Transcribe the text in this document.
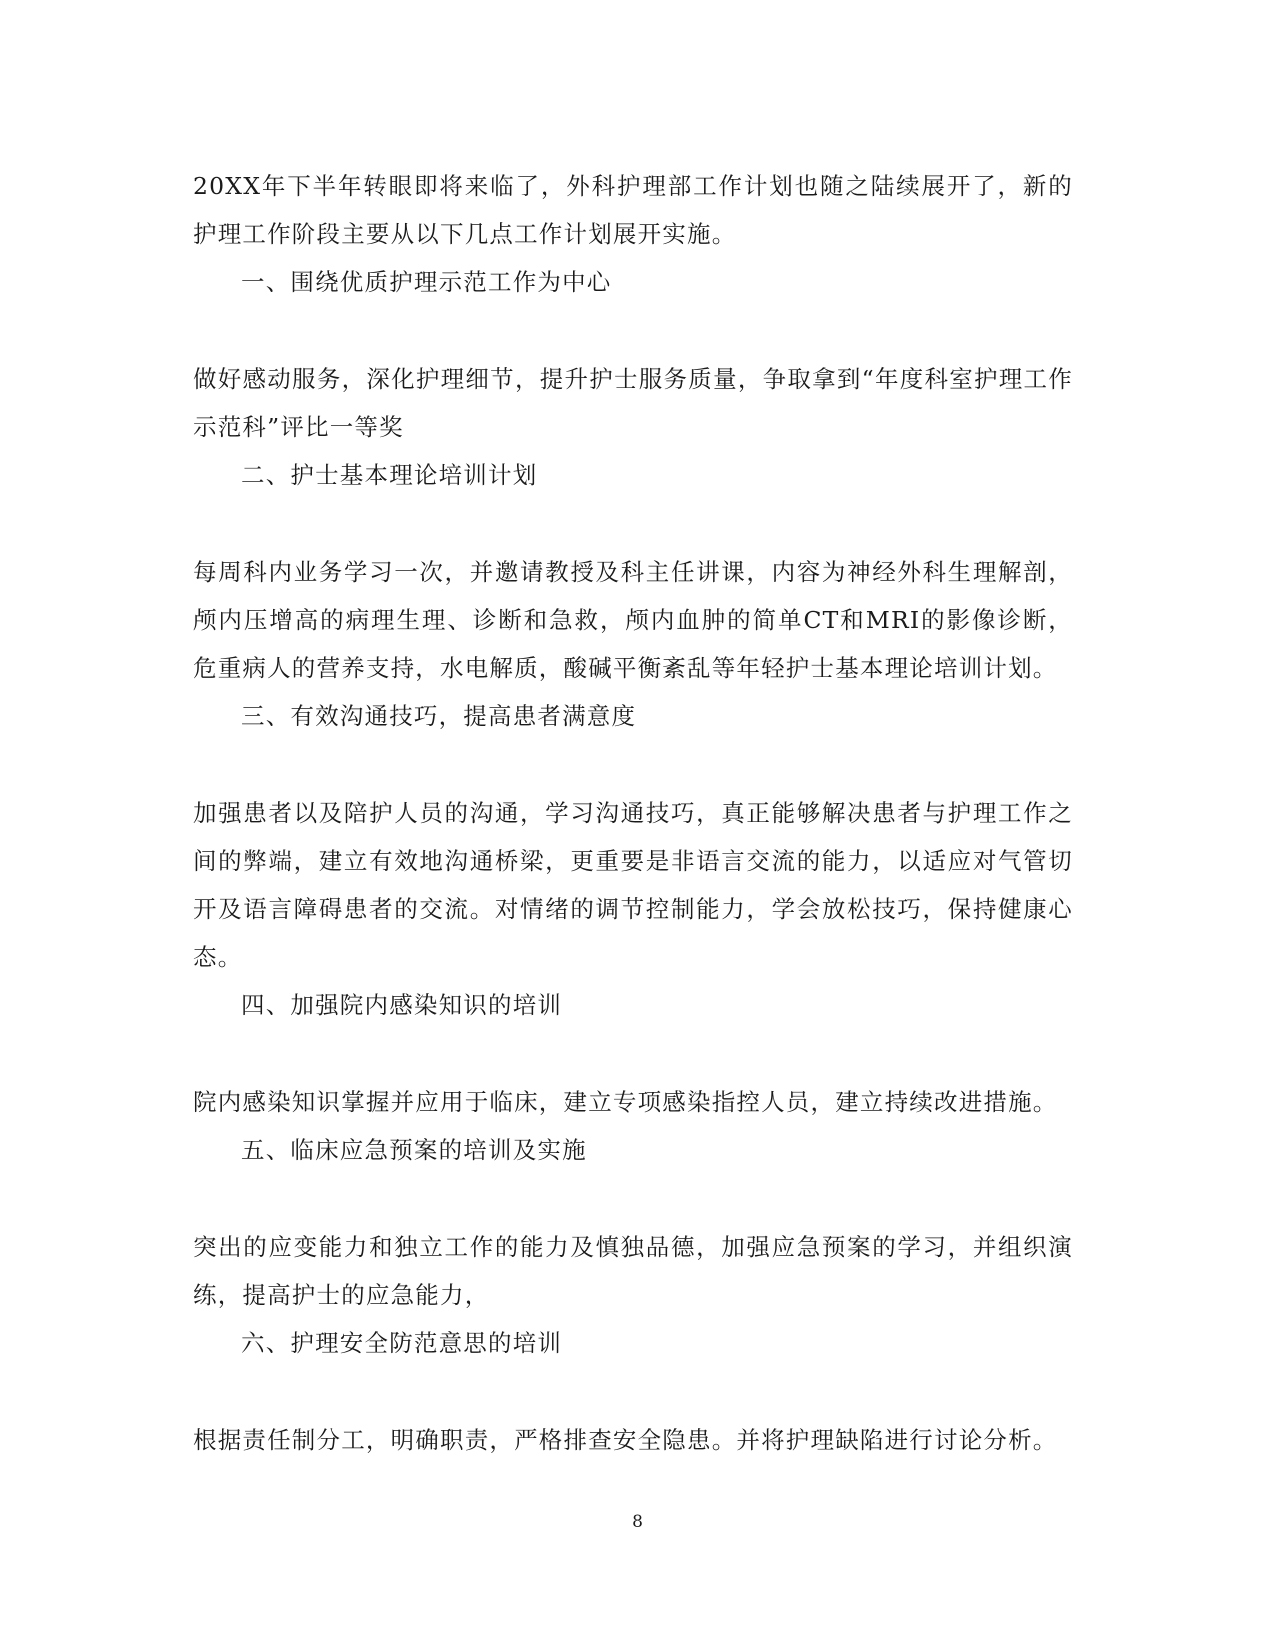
20XX年下半年转眼即将来临了，外科护理部工作计划也随之陆续展开了，新的护理工作阶段主要从以下几点工作计划展开实施。

一、围绕优质护理示范工作为中心

做好感动服务，深化护理细节，提升护士服务质量，争取拿到“年度科室护理工作示范科”评比一等奖

二、护士基本理论培训计划

每周科内业务学习一次，并邀请教授及科主任讲课，内容为神经外科生理解剖，颅内压增高的病理生理、诊断和急救，颅内血肿的简单CT和MRI的影像诊断，危重病人的营养支持，水电解质，酸碱平衡紊乱等年轻护士基本理论培训计划。

三、有效沟通技巧，提高患者满意度

加强患者以及陪护人员的沟通，学习沟通技巧，真正能够解决患者与护理工作之间的弊端，建立有效地沟通桥梁，更重要是非语言交流的能力，以适应对气管切开及语言障碍患者的交流。对情绪的调节控制能力，学会放松技巧，保持健康心态。

四、加强院内感染知识的培训

院内感染知识掌握并应用于临床，建立专项感染指控人员，建立持续改进措施。

五、临床应急预案的培训及实施

突出的应变能力和独立工作的能力及慎独品德，加强应急预案的学习，并组织演练，提高护士的应急能力，

六、护理安全防范意思的培训

根据责任制分工，明确职责，严格排查安全隐患。并将护理缺陷进行讨论分析。

8
